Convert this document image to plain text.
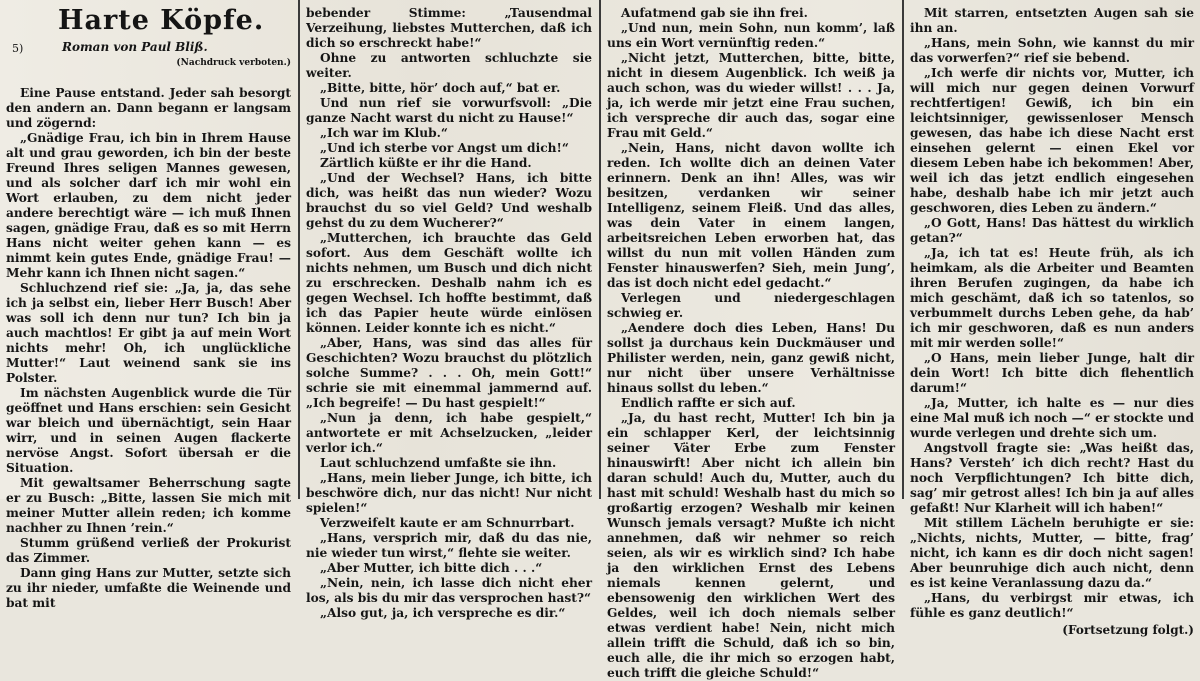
Harte Köpfe.
5)	Roman von Paul Bliß.
(Nachdruck verboten.)

Eine Pause entstand. Jeder sah besorgt den andern an. Dann begann er langsam und zögernd:

„Gnädige Frau, ich bin in Ihrem Hause alt und grau geworden, ich bin der beste Freund Ihres seligen Mannes gewesen, und als solcher darf ich mir wohl ein Wort erlauben, zu dem nicht jeder andere berechtigt wäre — ich muß Ihnen sagen, gnädige Frau, daß es so mit Herrn Hans nicht weiter gehen kann — es nimmt kein gutes Ende, gnädige Frau! — Mehr kann ich Ihnen nicht sagen.“

Schluchzend rief sie: „Ja, ja, das sehe ich ja selbst ein, lieber Herr Busch! Aber was soll ich denn nur tun? Ich bin ja auch machtlos! Er gibt ja auf mein Wort nichts mehr! Oh, ich unglückliche Mutter!“ Laut weinend sank sie ins Polster.

Im nächsten Augenblick wurde die Tür geöffnet und Hans erschien: sein Gesicht war bleich und übernächtigt, sein Haar wirr, und in seinen Augen flackerte nervöse Angst. Sofort übersah er die Situation.

Mit gewaltsamer Beherrschung sagte er zu Busch: „Bitte, lassen Sie mich mit meiner Mutter allein reden; ich komme nachher zu Ihnen ’rein.“

Stumm grüßend verließ der Prokurist das Zimmer.

Dann ging Hans zur Mutter, setzte sich zu ihr nieder, umfaßte die Weinende und bat mit

bebender Stimme: „Tausendmal Verzeihung, liebstes Mutterchen, daß ich dich so erschreckt habe!“

Ohne zu antworten schluchzte sie weiter.

„Bitte, bitte, hör’ doch auf,“ bat er.

Und nun rief sie vorwurfsvoll: „Die ganze Nacht warst du nicht zu Hause!“

„Ich war im Klub.“

„Und ich sterbe vor Angst um dich!“

Zärtlich küßte er ihr die Hand.

„Und der Wechsel? Hans, ich bitte dich, was heißt das nun wieder? Wozu brauchst du so viel Geld? Und weshalb gehst du zu dem Wucherer?“

„Mutterchen, ich brauchte das Geld sofort. Aus dem Geschäft wollte ich nichts nehmen, um Busch und dich nicht zu erschrecken. Deshalb nahm ich es gegen Wechsel. Ich hoffte bestimmt, daß ich das Papier heute würde einlösen können. Leider konnte ich es nicht.“

„Aber, Hans, was sind das alles für Geschichten? Wozu brauchst du plötzlich solche Summe? . . . Oh, mein Gott!“ schrie sie mit einemmal jammernd auf. „Ich begreife! — Du hast gespielt!“

„Nun ja denn, ich habe gespielt,“ antwortete er mit Achselzucken, „leider verlor ich.“

Laut schluchzend umfaßte sie ihn.

„Hans, mein lieber Junge, ich bitte, ich beschwöre dich, nur das nicht! Nur nicht spielen!“

Verzweifelt kaute er am Schnurrbart.

„Hans, versprich mir, daß du das nie, nie wieder tun wirst,“ flehte sie weiter.

„Aber Mutter, ich bitte dich . . .“

„Nein, nein, ich lasse dich nicht eher los, als bis du mir das versprochen hast?“

„Also gut, ja, ich verspreche es dir.“

Aufatmend gab sie ihn frei.

„Und nun, mein Sohn, nun komm’, laß uns ein Wort vernünftig reden.“

„Nicht jetzt, Mutterchen, bitte, bitte, nicht in diesem Augenblick. Ich weiß ja auch schon, was du wieder willst! . . . Ja, ja, ich werde mir jetzt eine Frau suchen, ich verspreche dir auch das, sogar eine Frau mit Geld.“

„Nein, Hans, nicht davon wollte ich reden. Ich wollte dich an deinen Vater erinnern. Denk an ihn! Alles, was wir besitzen, verdanken wir seiner Intelligenz, seinem Fleiß. Und das alles, was dein Vater in einem langen, arbeitsreichen Leben erworben hat, das willst du nun mit vollen Händen zum Fenster hinauswerfen? Sieh, mein Jung’, das ist doch nicht edel gedacht.“

Verlegen und niedergeschlagen schwieg er.

„Aendere doch dies Leben, Hans! Du sollst ja durchaus kein Duckmäuser und Philister werden, nein, ganz gewiß nicht, nur nicht über unsere Verhältnisse hinaus sollst du leben.“

Endlich raffte er sich auf.

„Ja, du hast recht, Mutter! Ich bin ja ein schlapper Kerl, der leichtsinnig seiner Väter Erbe zum Fenster hinauswirft! Aber nicht ich allein bin daran schuld! Auch du, Mutter, auch du hast mit schuld! Weshalb hast du mich so großartig erzogen? Weshalb mir keinen Wunsch jemals versagt? Mußte ich nicht annehmen, daß wir nehmer so reich seien, als wir es wirklich sind? Ich habe ja den wirklichen Ernst des Lebens niemals kennen gelernt, und ebensowenig den wirklichen Wert des Geldes, weil ich doch niemals selber etwas verdient habe! Nein, nicht mich allein trifft die Schuld, daß ich so bin, euch alle, die ihr mich so erzogen habt, euch trifft die gleiche Schuld!“

Mit starren, entsetzten Augen sah sie ihn an.

„Hans, mein Sohn, wie kannst du mir das vorwerfen?“ rief sie bebend.

„Ich werfe dir nichts vor, Mutter, ich will mich nur gegen deinen Vorwurf rechtfertigen! Gewiß, ich bin ein leichtsinniger, gewissenloser Mensch gewesen, das habe ich diese Nacht erst einsehen gelernt — einen Ekel vor diesem Leben habe ich bekommen! Aber, weil ich das jetzt endlich eingesehen habe, deshalb habe ich mir jetzt auch geschworen, dies Leben zu ändern.“

„O Gott, Hans! Das hättest du wirklich getan?“

„Ja, ich tat es! Heute früh, als ich heimkam, als die Arbeiter und Beamten ihren Berufen zugingen, da habe ich mich geschämt, daß ich so tatenlos, so verbummelt durchs Leben gehe, da hab’ ich mir geschworen, daß es nun anders mit mir werden solle!“

„O Hans, mein lieber Junge, halt dir dein Wort! Ich bitte dich flehentlich darum!“

„Ja, Mutter, ich halte es — nur dies eine Mal muß ich noch —“ er stockte und wurde verlegen und drehte sich um.

Angstvoll fragte sie: „Was heißt das, Hans? Versteh’ ich dich recht? Hast du noch Verpflichtungen? Ich bitte dich, sag’ mir getrost alles! Ich bin ja auf alles gefaßt! Nur Klarheit will ich haben!“

Mit stillem Lächeln beruhigte er sie: „Nichts, nichts, Mutter, — bitte, frag’ nicht, ich kann es dir doch nicht sagen! Aber beunruhige dich auch nicht, denn es ist keine Veranlassung dazu da.“

„Hans, du verbirgst mir etwas, ich fühle es ganz deutlich!“

(Fortsetzung folgt.)
